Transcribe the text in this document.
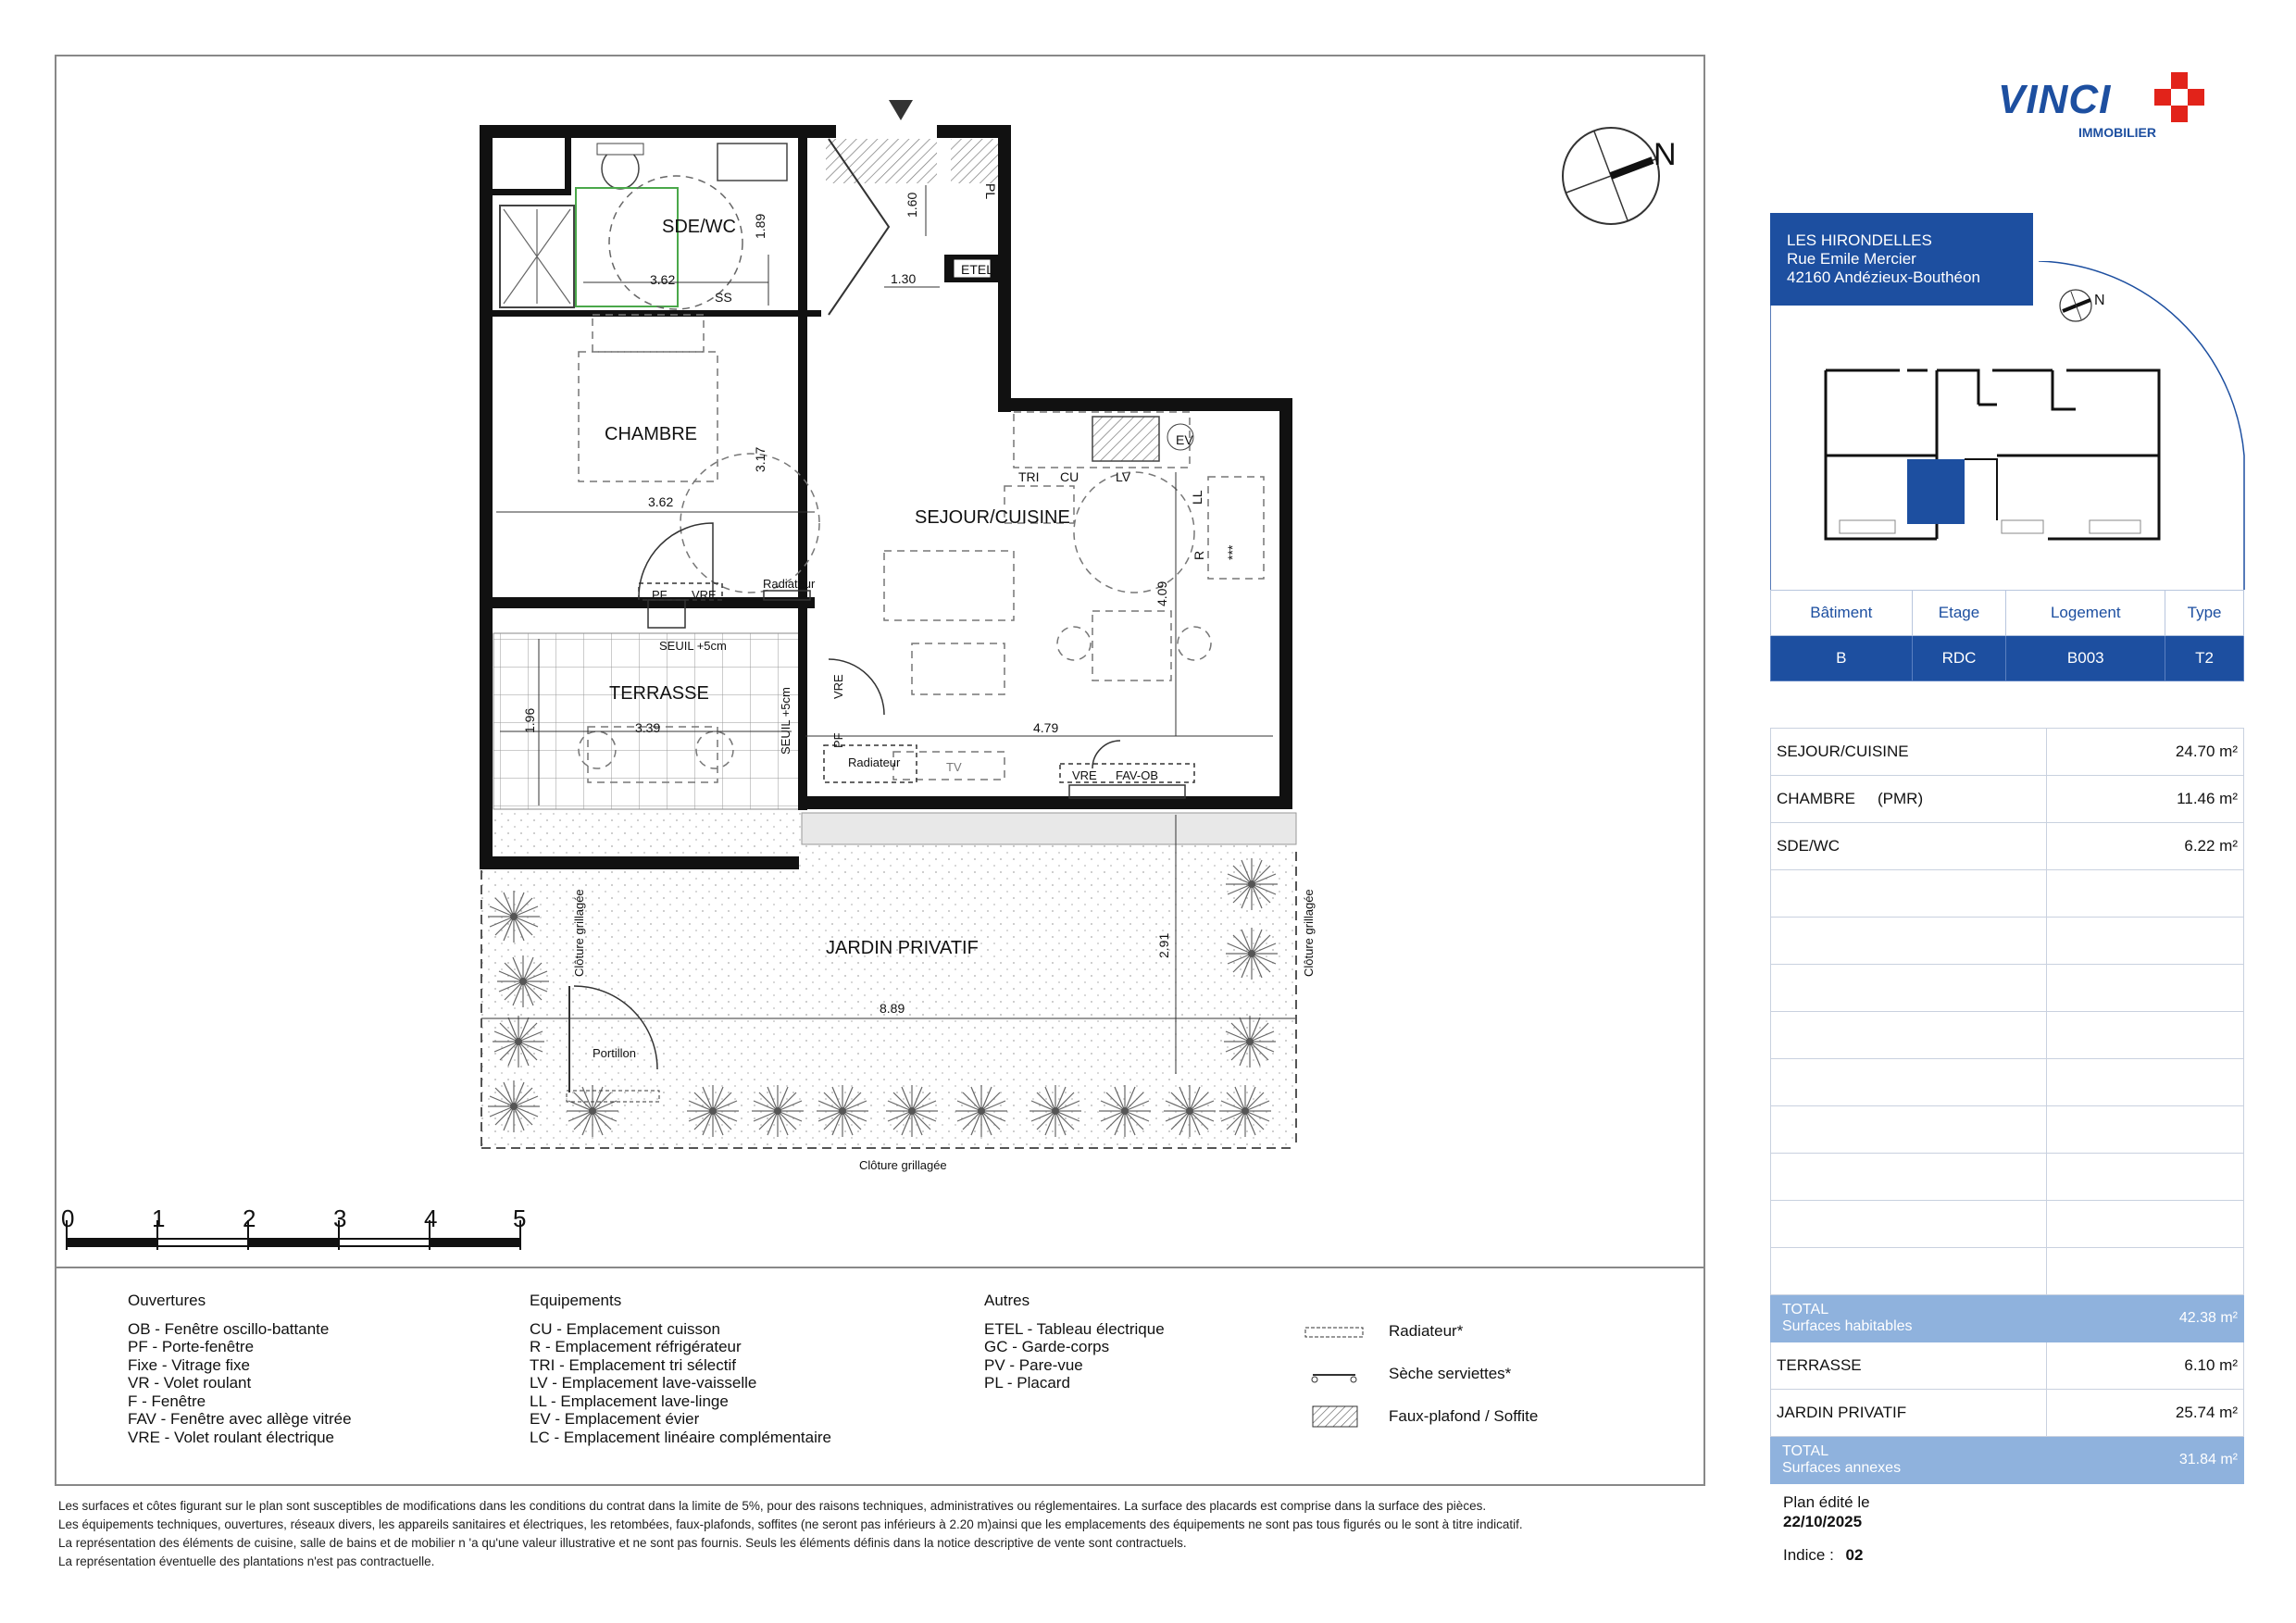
N
SDE/WC
CHAMBRE
SEJOUR/CUISINE
TERRASSE
JARDIN PRIVATIF
1.89
1.60
1.30
3.62
3.62
3.17
4.09
4.79
1.96	3.39
2.91
8.89
SS
ETEL
PL
TRI CU	LV
EV
LL
R ***
PF VRE
Radiateur
SEUIL +5cm
SEUIL +5cm
VRE
PF
Radiateur	TV
VRE FAV-OB
Clôture grillagée	Clôture grillagée
Clôture grillagée
Portillon
0	1	2	3	4	5
Ouvertures
OB - Fenêtre oscillo-battante
PF - Porte-fenêtre
Fixe - Vitrage fixe
VR - Volet roulant
F - Fenêtre
FAV - Fenêtre avec allège vitrée
VRE - Volet roulant électrique
Equipements
CU - Emplacement cuisson
R - Emplacement réfrigérateur
TRI - Emplacement tri sélectif
LV - Emplacement lave-vaisselle
LL - Emplacement lave-linge
EV - Emplacement évier
LC - Emplacement linéaire complémentaire
Autres
ETEL - Tableau électrique
GC - Garde-corps
PV - Pare-vue
PL - Placard
Radiateur*
Sèche serviettes*
Faux-plafond / Soffite
Les surfaces et côtes figurant sur le plan sont susceptibles de modifications dans les conditions du contrat dans la limite de 5%, pour des raisons techniques, administratives ou réglementaires. La surface des placards est comprise dans la surface des pièces.
Les équipements techniques, ouvertures, réseaux divers, les appareils sanitaires et électriques, les retombées, faux-plafonds, soffites (ne seront pas inférieurs à 2.20 m)ainsi que les emplacements des équipements ne sont pas tous figurés ou le sont à titre indicatif.
La représentation des éléments de cuisine, salle de bains et de mobilier n 'a qu'une valeur illustrative et ne sont pas fournis. Seuls les éléments définis dans la notice descriptive de vente sont contractuels.
La représentation éventuelle des plantations n'est pas contractuelle.
VINCI
IMMOBILIER
LES HIRONDELLES
Rue Emile Mercier
42160 Andézieux-Bouthéon
N
Bâtiment	Etage	Logement	Type
B	RDC	B003	T2
SEJOUR/CUISINE	24.70 m²
CHAMBRE (PMR)	11.46 m²
SDE/WC	6.22 m²

TOTAL
Surfaces habitables	42.38 m²
TERRASSE	6.10 m²
JARDIN PRIVATIF	25.74 m²

TOTAL
Surfaces annexes	31.84 m²
Plan édité le
22/10/2025
Indice : 02
